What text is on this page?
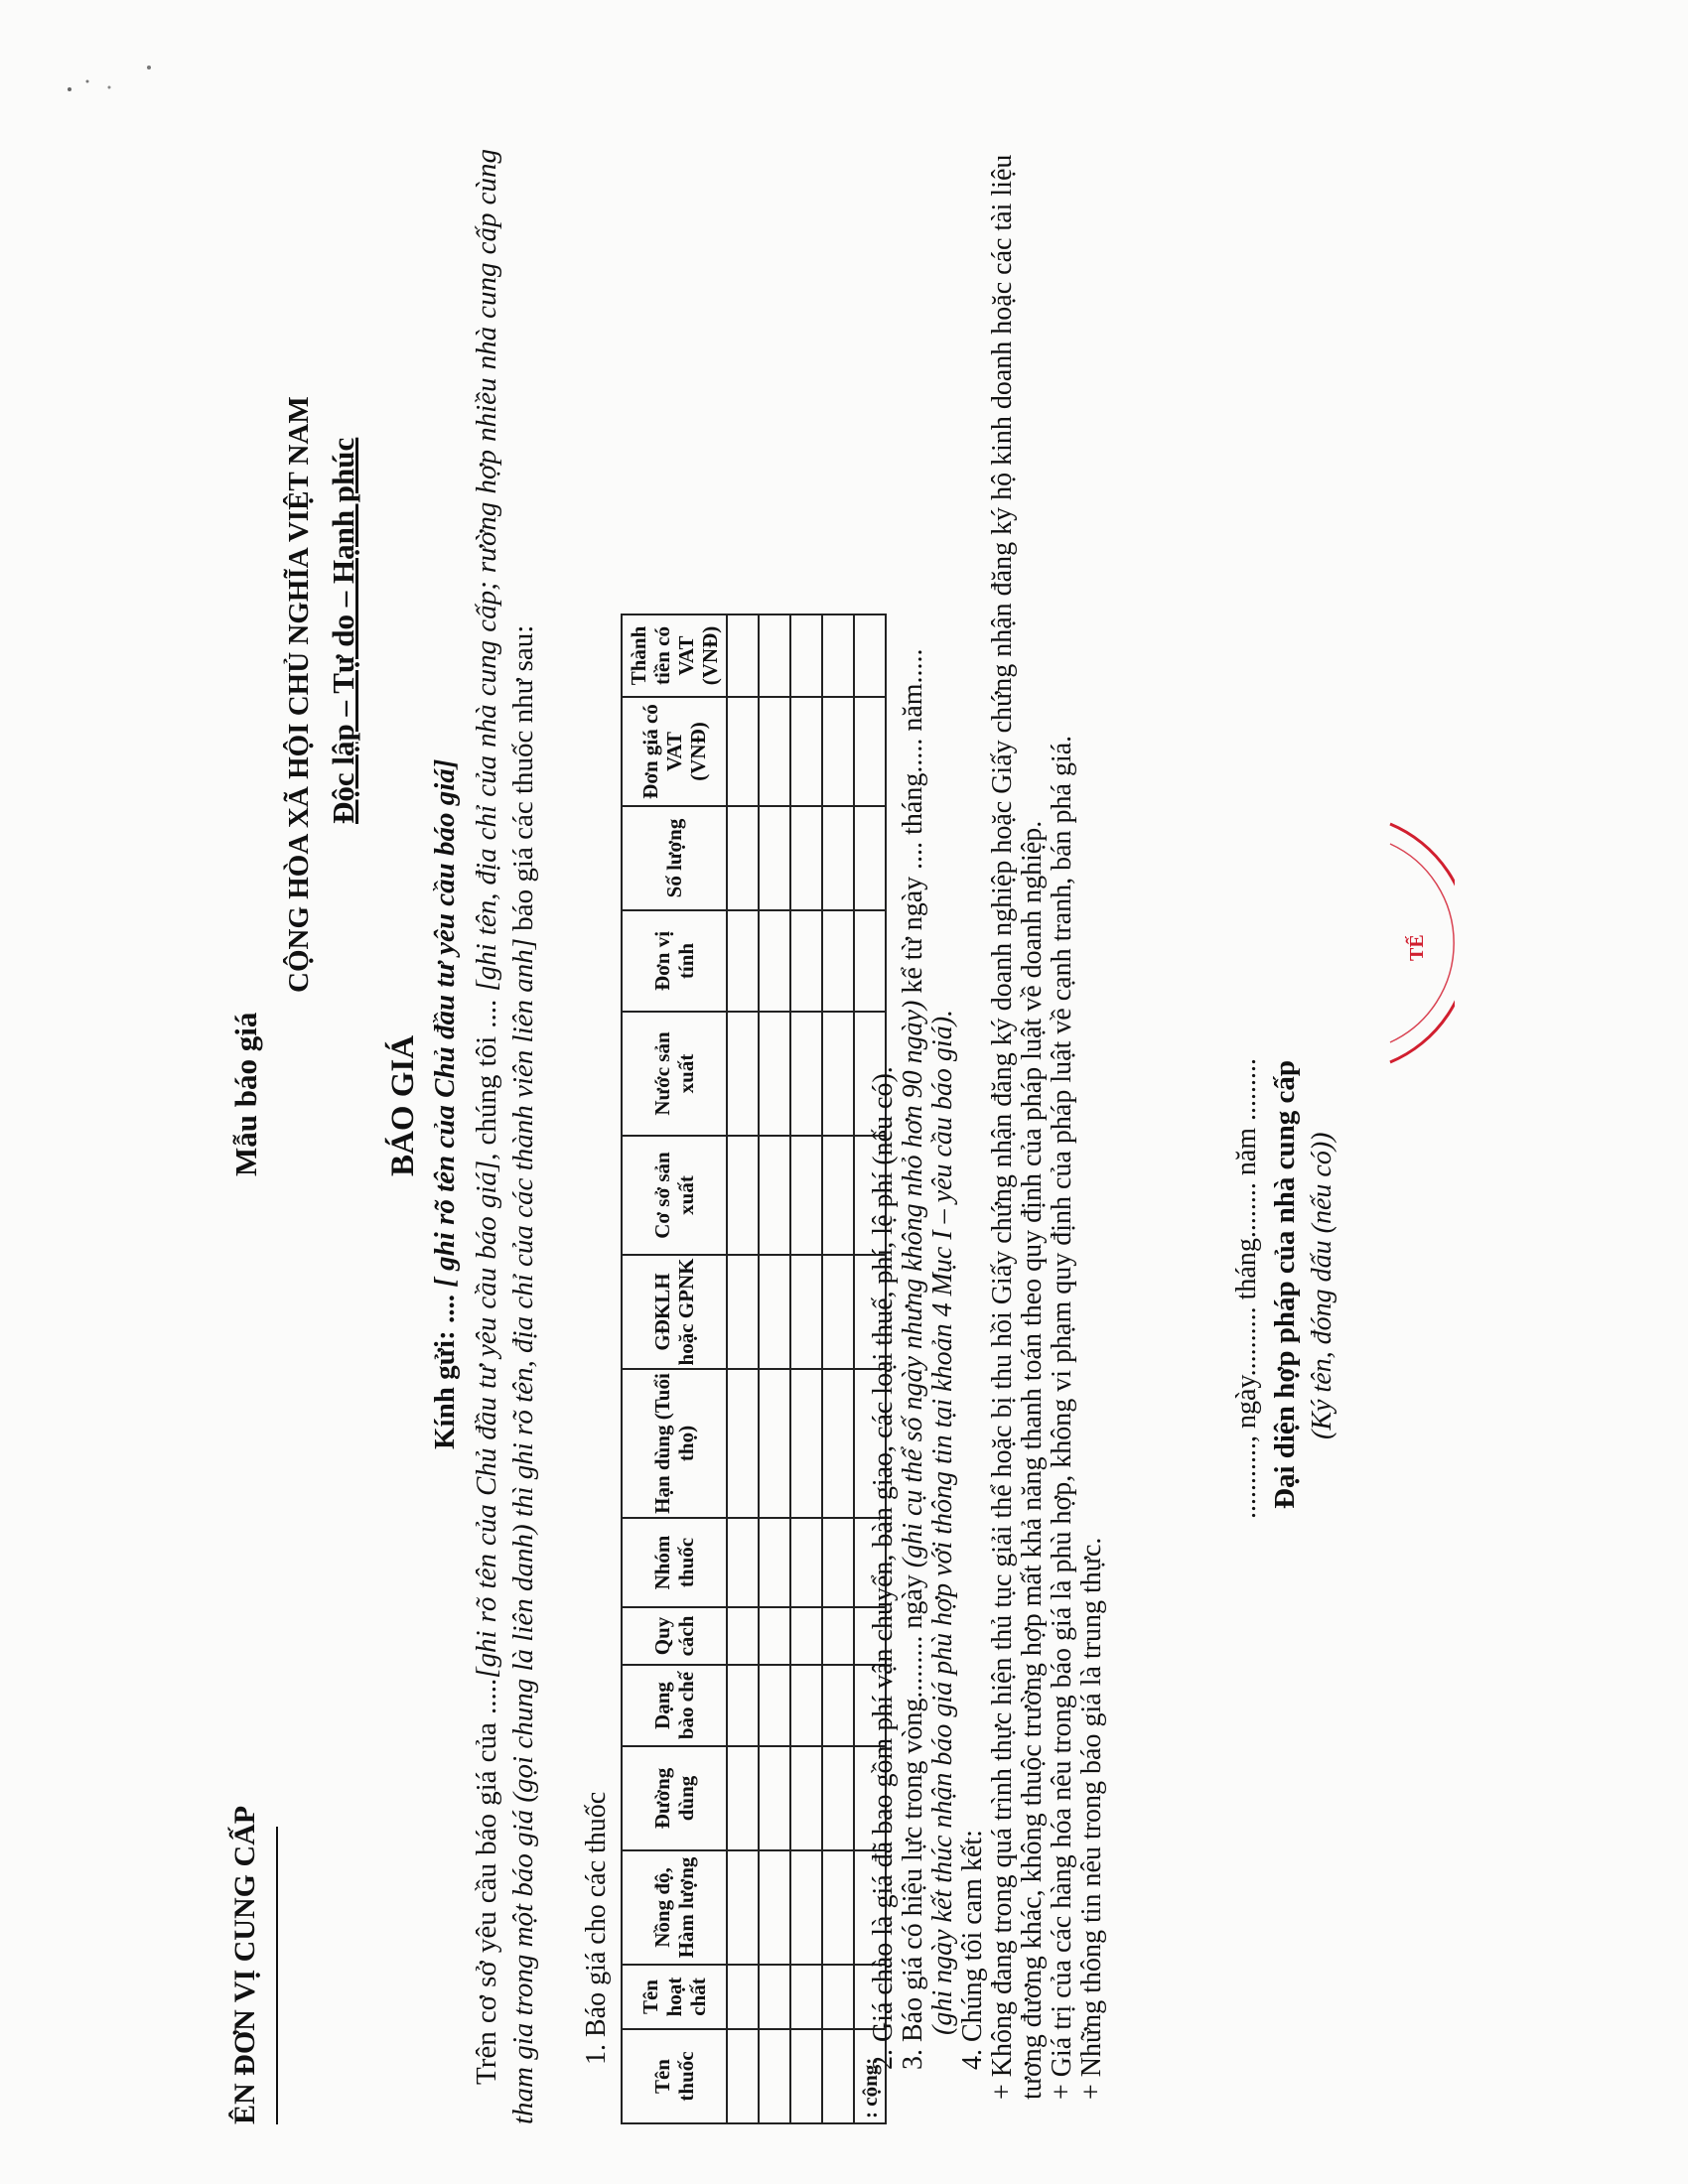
ÊN ĐƠN VỊ CUNG CẤP
Mẫu báo giá
CỘNG HÒA XÃ HỘI CHỦ NGHĨA VIỆT NAM Độc lập – Tự do – Hạnh phúc
BÁO GIÁ
Kính gửi: .... [ ghi rõ tên của Chủ đầu tư yêu cầu báo giá]
Trên cơ sở yêu cầu báo giá của .....[ghi rõ tên của Chủ đầu tư yêu cầu báo giá], chúng tôi .... [ghi tên, địa chỉ của nhà cung cấp; rường hợp nhiều nhà cung cấp cùng tham gia trong một báo giá (gọi chung là liên danh) thì ghi rõ tên, địa chỉ của các thành viên liên anh] báo giá các thuốc như sau:
1. Báo giá cho các thuốc
Tên thuốc	Tên hoạt chất	Nồng độ, Hàm lượng	Đường dùng	Dạng bào chế	Quy cách	Nhóm thuốc	Hạn dùng (Tuổi thọ)	GĐKLH hoặc GPNK	Cơ sở sản xuất	Nước sản xuất	Đơn vị tính	Số lượng	Đơn giá có VAT (VNĐ)	Thành tiền có VAT (VNĐ)

: cộng:														

2. Giá chào là giá đã bao gồm phí vận chuyển, bàn giao, các loại thuế, phí, lệ phí (nếu có). 3. Báo giá có hiệu lực trong vòng......... ngày (ghi cụ thể số ngày nhưng không nhỏ hơn 90 ngày) kể từ ngày .... tháng..... năm.....

(ghi ngày kết thúc nhận báo giá phù hợp với thông tin tại khoản 4 Mục I – yêu cầu báo giá). 4. Chúng tôi cam kết: + Không đang trong quá trình thực hiện thủ tục giải thể hoặc bị thu hồi Giấy chứng nhận đăng ký doanh nghiệp hoặc Giấy chứng nhận đăng ký hộ kinh doanh hoặc các tài liệu tương đương khác, không thuộc trường hợp mất khả năng thanh toán theo quy định của pháp luật về doanh nghiệp. + Giá trị của các hàng hóa nêu trong báo giá là phù hợp, không vi phạm quy định của pháp luật về cạnh tranh, bán phá giá. + Những thông tin nêu trong báo giá là trung thực.

..........., ngày.......... tháng........ năm ......... Đại diện hợp pháp của nhà cung cấp (Ký tên, đóng dấu (nếu có))
TẾ
